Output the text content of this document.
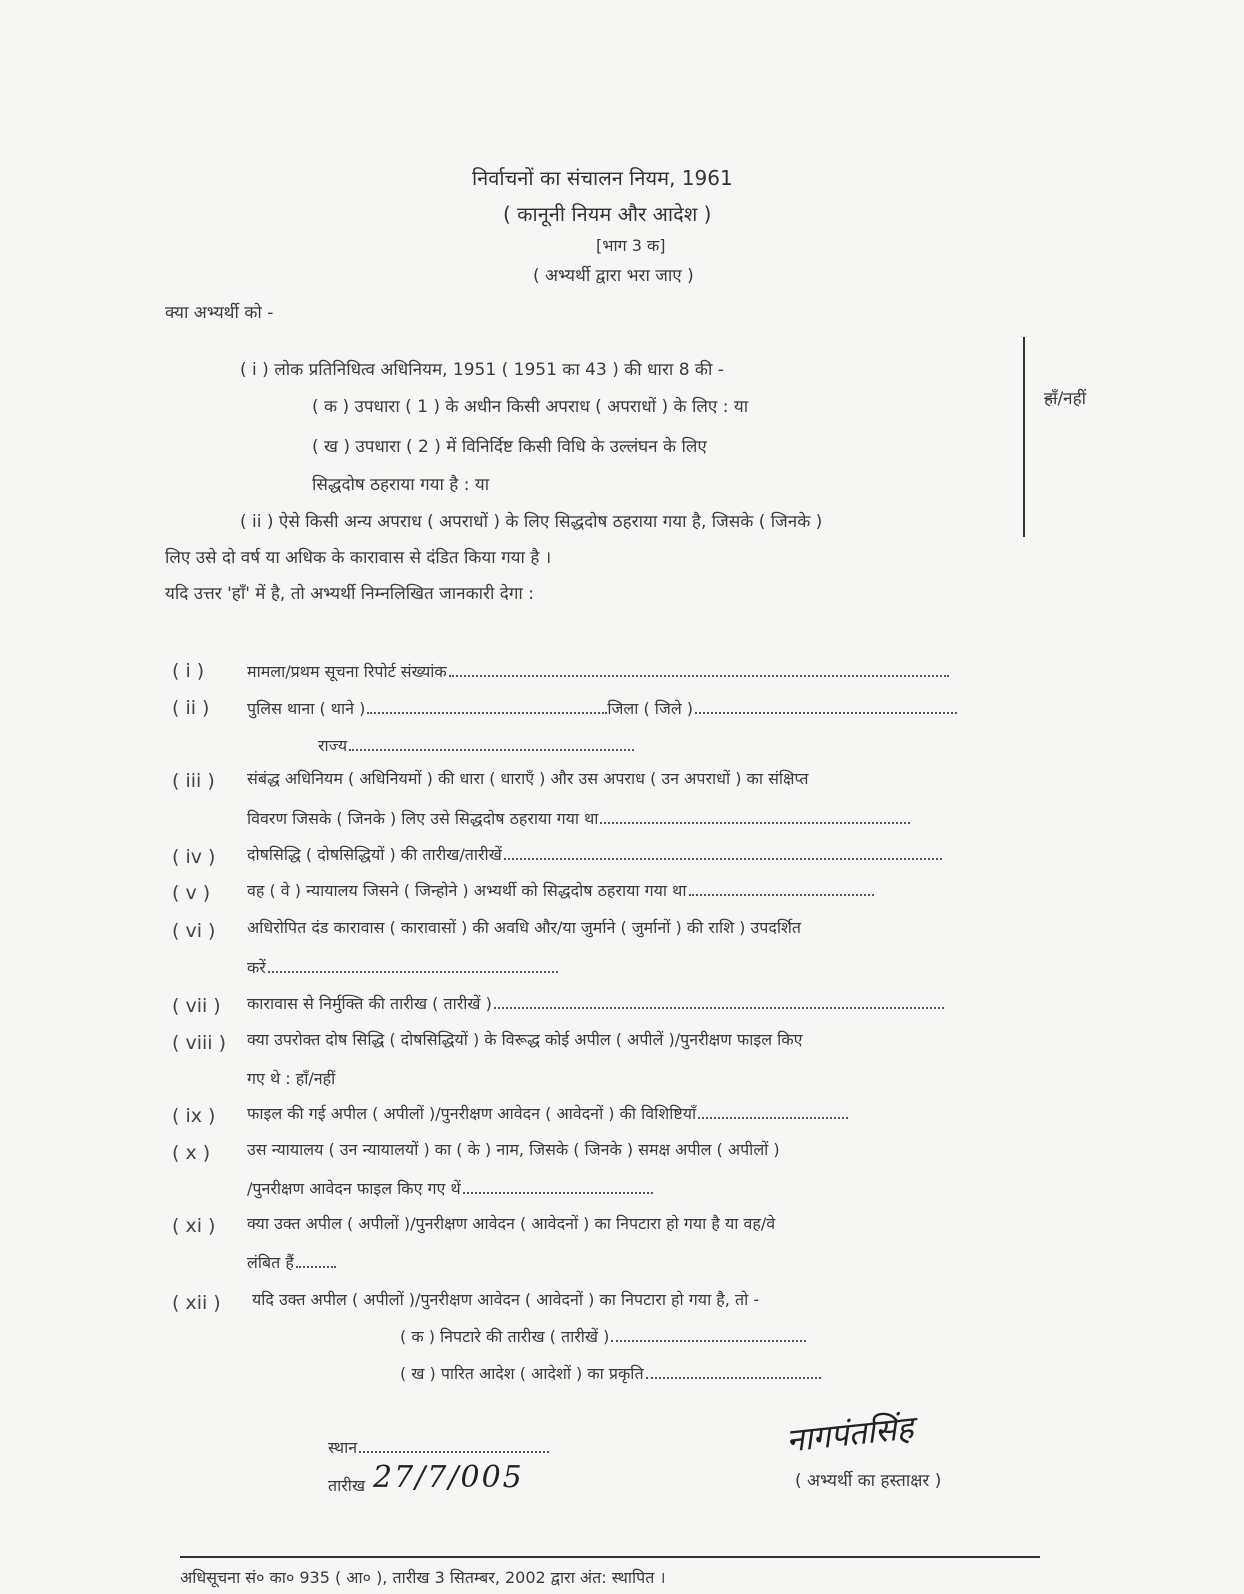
निर्वाचनों का संचालन नियम, 1961
( कानूनी नियम और आदेश )
[भाग 3 क]
( अभ्यर्थी द्वारा भरा जाए )
क्या अभ्यर्थी को -
( i ) लोक प्रतिनिधित्व अधिनियम, 1951 ( 1951 का 43 ) की धारा 8 की -
( क ) उपधारा ( 1 ) के अधीन किसी अपराध ( अपराधों ) के लिए : या
( ख ) उपधारा ( 2 ) में विनिर्दिष्ट किसी विधि के उल्लंघन के लिए
सिद्धदोष ठहराया गया है : या
( ii ) ऐसे किसी अन्य अपराध ( अपराधों ) के लिए सिद्धदोष ठहराया गया है, जिसके ( जिनके )
लिए उसे दो वर्ष या अधिक के कारावास से दंडित किया गया है ।
हाँ/नहीं
यदि उत्तर 'हाँ' में है, तो अभ्यर्थी निम्नलिखित जानकारी देगा :
( i )	मामला/प्रथम सूचना रिपोर्ट संख्यांक
( ii ) पुलिस थाना ( थाने )	जिला ( जिले )
राज्य
( iii ) संबंद्ध अधिनियम ( अधिनियमों ) की धारा ( धाराएँ ) और उस अपराध ( उन अपराधों ) का संक्षिप्त
विवरण जिसके ( जिनके ) लिए उसे सिद्धदोष ठहराया गया था
( iv ) दोषसिद्धि ( दोषसिद्धियों ) की तारीख/तारीखें
( v ) वह ( वे ) न्यायालय जिसने ( जिन्होने ) अभ्यर्थी को सिद्धदोष ठहराया गया था
( vi ) अधिरोपित दंड कारावास ( कारावासों ) की अवधि और/या जुर्माने ( जुर्मानों ) की राशि ) उपदर्शित
करें
( vii ) कारावास से निर्मुक्ति की तारीख ( तारीखें )
( viii ) क्या उपरोक्त दोष सिद्धि ( दोषसिद्धियों ) के विरूद्ध कोई अपील ( अपीलें )/पुनरीक्षण फाइल किए
गए थे : हाँ/नहीं
( ix ) फाइल की गई अपील ( अपीलों )/पुनरीक्षण आवेदन ( आवेदनों ) की विशिष्टियाँ
( x ) उस न्यायालय ( उन न्यायालयों ) का ( के ) नाम, जिसके ( जिनके ) समक्ष अपील ( अपीलों )
/पुनरीक्षण आवेदन फाइल किए गए थें
( xi ) क्या उक्त अपील ( अपीलों )/पुनरीक्षण आवेदन ( आवेदनों ) का निपटारा हो गया है या वह/वे
लंबित हैं
( xii ) यदि उक्त अपील ( अपीलों )/पुनरीक्षण आवेदन ( आवेदनों ) का निपटारा हो गया है, तो -
( क ) निपटारे की तारीख ( तारीखें )
( ख ) पारित आदेश ( आदेशों ) का प्रकृति
स्थान
तारीख 27/7/005
नागपंतसिंह
( अभ्यर्थी का हस्ताक्षर )
अधिसूचना सं० का० 935 ( आ० ), तारीख 3 सितम्बर, 2002 द्वारा अंत: स्थापित ।
